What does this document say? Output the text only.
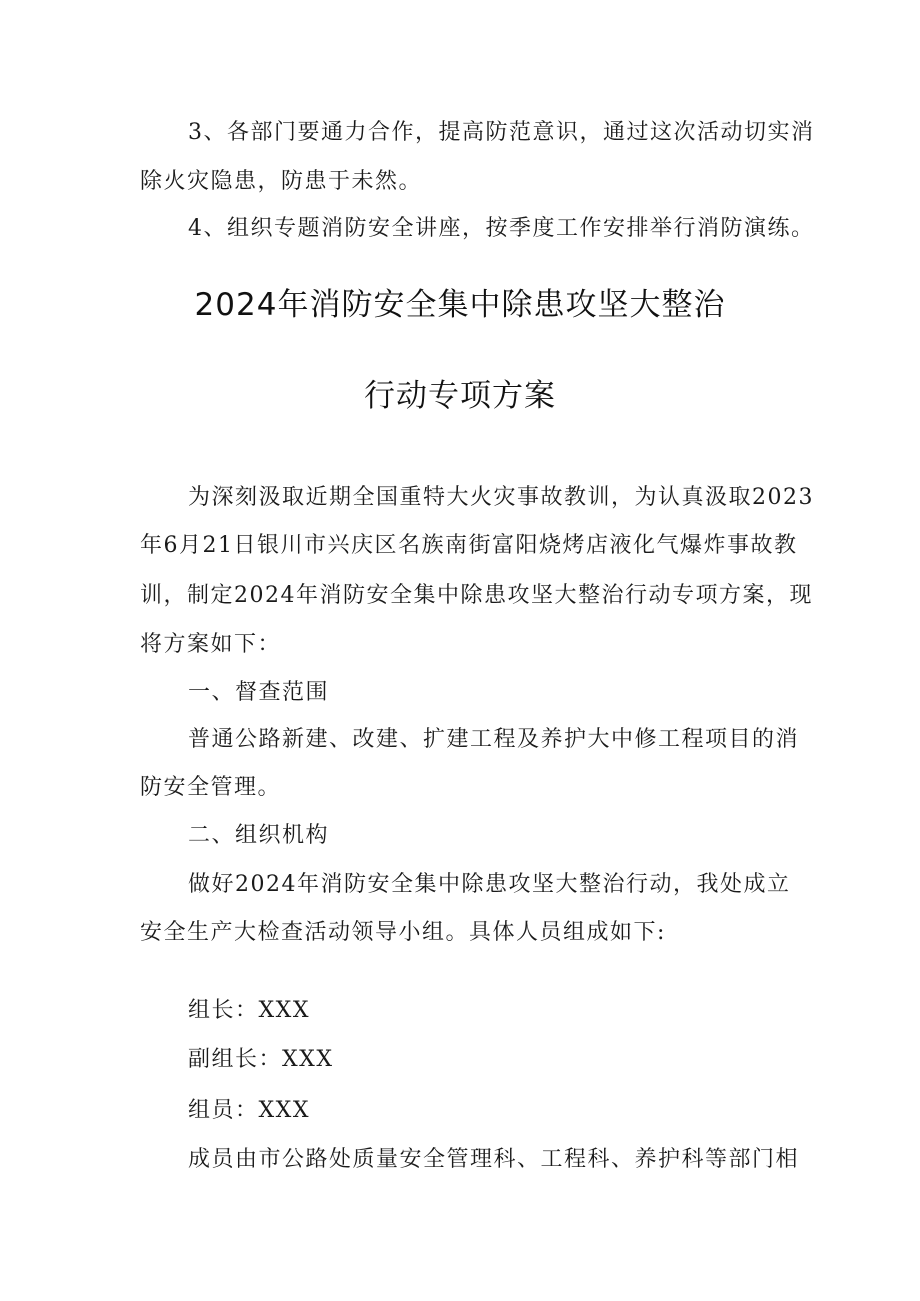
3、各部门要通力合作，提高防范意识，通过这次活动切实消
除火灾隐患，防患于未然。
4、组织专题消防安全讲座，按季度工作安排举行消防演练。
2024年消防安全集中除患攻坚大整治
行动专项方案
为深刻汲取近期全国重特大火灾事故教训，为认真汲取2023
年6月21日银川市兴庆区名族南街富阳烧烤店液化气爆炸事故教
训，制定2024年消防安全集中除患攻坚大整治行动专项方案，现
将方案如下：
一、督查范围
普通公路新建、改建、扩建工程及养护大中修工程项目的消
防安全管理。
二、组织机构
做好2024年消防安全集中除患攻坚大整治行动，我处成立
安全生产大检查活动领导小组。具体人员组成如下:
组长：XXX
副组长：XXX
组员：XXX
成员由市公路处质量安全管理科、工程科、养护科等部门相
